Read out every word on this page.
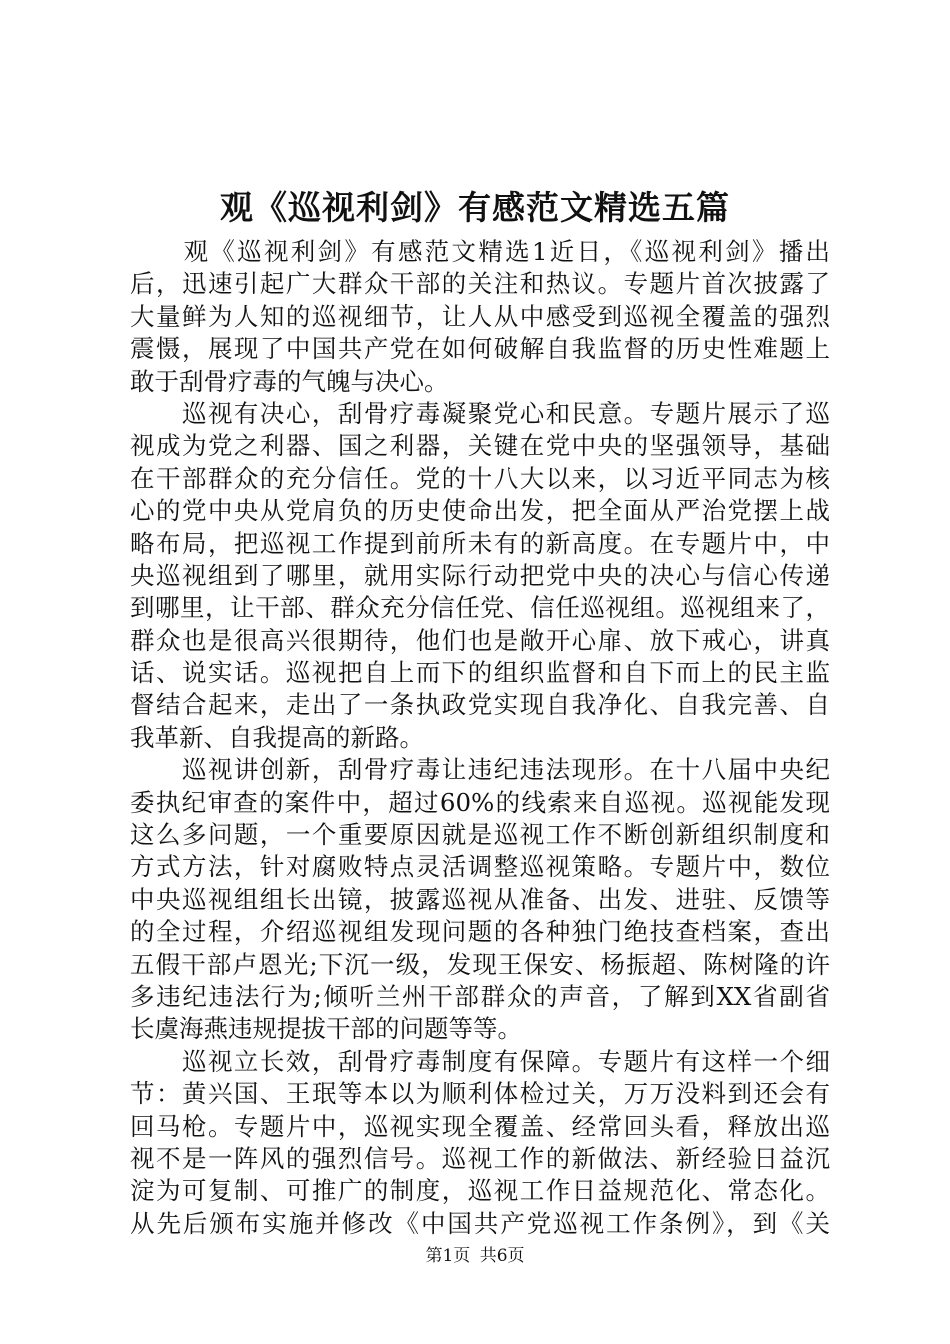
观《巡视利剑》有感范文精选五篇
　　观《巡视利剑》有感范文精选1近日，《巡视利剑》播出
后，迅速引起广大群众干部的关注和热议。专题片首次披露了
大量鲜为人知的巡视细节，让人从中感受到巡视全覆盖的强烈
震慑，展现了中国共产党在如何破解自我监督的历史性难题上
敢于刮骨疗毒的气魄与决心。
　　巡视有决心，刮骨疗毒凝聚党心和民意。专题片展示了巡
视成为党之利器、国之利器，关键在党中央的坚强领导，基础
在干部群众的充分信任。党的十八大以来，以习近平同志为核
心的党中央从党肩负的历史使命出发，把全面从严治党摆上战
略布局，把巡视工作提到前所未有的新高度。在专题片中，中
央巡视组到了哪里，就用实际行动把党中央的决心与信心传递
到哪里，让干部、群众充分信任党、信任巡视组。巡视组来了，
群众也是很高兴很期待，他们也是敞开心扉、放下戒心，讲真
话、说实话。巡视把自上而下的组织监督和自下而上的民主监
督结合起来，走出了一条执政党实现自我净化、自我完善、自
我革新、自我提高的新路。
　　巡视讲创新，刮骨疗毒让违纪违法现形。在十八届中央纪
委执纪审查的案件中，超过60%的线索来自巡视。巡视能发现
这么多问题，一个重要原因就是巡视工作不断创新组织制度和
方式方法，针对腐败特点灵活调整巡视策略。专题片中，数位
中央巡视组组长出镜，披露巡视从准备、出发、进驻、反馈等
的全过程，介绍巡视组发现问题的各种独门绝技查档案，查出
五假干部卢恩光;下沉一级，发现王保安、杨振超、陈树隆的许
多违纪违法行为;倾听兰州干部群众的声音，了解到XX省副省
长虞海燕违规提拔干部的问题等等。
　　巡视立长效，刮骨疗毒制度有保障。专题片有这样一个细
节：黄兴国、王珉等本以为顺利体检过关，万万没料到还会有
回马枪。专题片中，巡视实现全覆盖、经常回头看，释放出巡
视不是一阵风的强烈信号。巡视工作的新做法、新经验日益沉
淀为可复制、可推广的制度，巡视工作日益规范化、常态化。
从先后颁布实施并修改《中国共产党巡视工作条例》，到《关
第1页 共6页
